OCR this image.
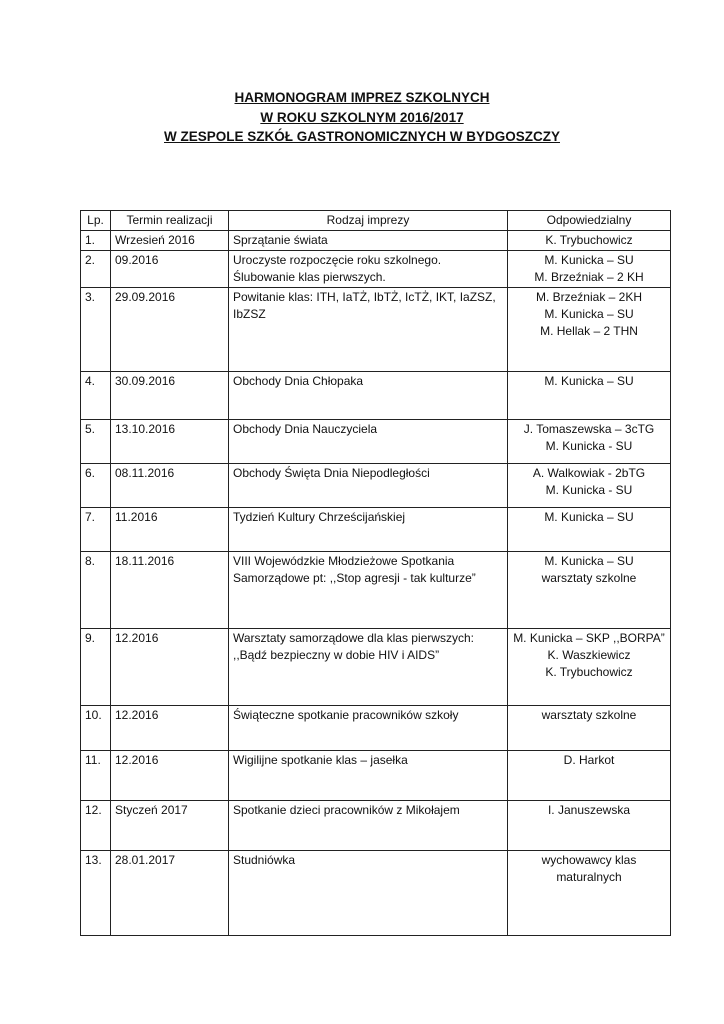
HARMONOGRAM IMPREZ SZKOLNYCH
W ROKU SZKOLNYM 2016/2017
W ZESPOLE SZKÓŁ GASTRONOMICZNYCH W BYDGOSZCZY
Lp.	Termin realizacji	Rodzaj imprezy	Odpowiedzialny
1.	Wrzesień 2016	Sprzątanie świata	K. Trybuchowicz

2.	09.2016	Uroczyste rozpoczęcie roku szkolnego.
Ślubowanie klas pierwszych.	M. Kunicka – SU
M. Brzeźniak – 2 KH

3.	29.09.2016	Powitanie klas: ITH, IaTŻ, IbTŻ, IcTŻ, IKT, IaZSZ,
IbZSZ	M. Brzeźniak – 2KH
M. Kunicka – SU
M. Hellak – 2 THN

4.	30.09.2016	Obchody Dnia Chłopaka	M. Kunicka – SU

5.	13.10.2016	Obchody Dnia Nauczyciela	J. Tomaszewska – 3cTG
M. Kunicka - SU

6.	08.11.2016	Obchody Święta Dnia Niepodległości	A. Walkowiak - 2bTG
M. Kunicka - SU

7.	11.2016	Tydzień Kultury Chrześcijańskiej	M. Kunicka – SU

8.	18.11.2016	VIII Wojewódzkie Młodzieżowe Spotkania
Samorządowe pt: ,,Stop agresji - tak kulturze”	M. Kunicka – SU
warsztaty szkolne

9.	12.2016	Warsztaty samorządowe dla klas pierwszych:
,,Bądź bezpieczny w dobie HIV i AIDS”	M. Kunicka – SKP ,,BORPA”
K. Waszkiewicz
K. Trybuchowicz

10.	12.2016	Świąteczne spotkanie pracowników szkoły	warsztaty szkolne

11.	12.2016	Wigilijne spotkanie klas – jasełka	D. Harkot

12.	Styczeń 2017	Spotkanie dzieci pracowników z Mikołajem	I. Januszewska

13.	28.01.2017	Studniówka	wychowawcy klas
maturalnych
